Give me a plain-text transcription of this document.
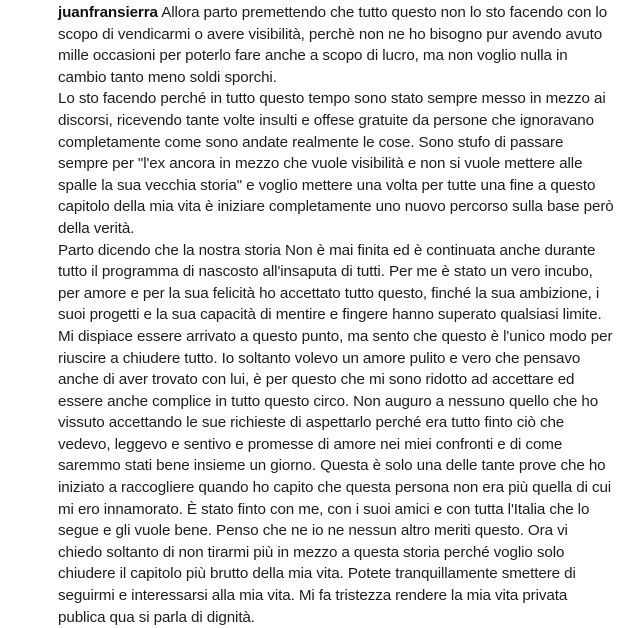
juanfransierra Allora parto premettendo che tutto questo non lo sto facendo con lo scopo di vendicarmi o avere visibilità, perchè non ne ho bisogno pur avendo avuto mille occasioni per poterlo fare anche a scopo di lucro, ma non voglio nulla in cambio tanto meno soldi sporchi.

Lo sto facendo perché in tutto questo tempo sono stato sempre messo in mezzo ai discorsi, ricevendo tante volte insulti e offese gratuite da persone che ignoravano completamente come sono andate realmente le cose. Sono stufo di passare sempre per "l'ex ancora in mezzo che vuole visibilità e non si vuole mettere alle spalle la sua vecchia storia" e voglio mettere una volta per tutte una fine a questo capitolo della mia vita è iniziare completamente uno nuovo percorso sulla base però della verità.

Parto dicendo che la nostra storia Non è mai finita ed è continuata anche durante tutto il programma di nascosto all'insaputa di tutti. Per me è stato un vero incubo, per amore e per la sua felicità ho accettato tutto questo, finché la sua ambizione, i suoi progetti e la sua capacità di mentire e fingere hanno superato qualsiasi limite.

Mi dispiace essere arrivato a questo punto, ma sento che questo è l'unico modo per riuscire a chiudere tutto. Io soltanto volevo un amore pulito e vero che pensavo anche di aver trovato con lui, è per questo che mi sono ridotto ad accettare ed essere anche complice in tutto questo circo. Non auguro a nessuno quello che ho vissuto accettando le sue richieste di aspettarlo perché era tutto finto ciò che vedevo, leggevo e sentivo e promesse di amore nei miei confronti e di come saremmo stati bene insieme un giorno. Questa è solo una delle tante prove che ho iniziato a raccogliere quando ho capito che questa persona non era più quella di cui mi ero innamorato. È stato finto con me, con i suoi amici e con tutta l'Italia che lo segue e gli vuole bene. Penso che ne io ne nessun altro meriti questo. Ora vi chiedo soltanto di non tirarmi più in mezzo a questa storia perché voglio solo chiudere il capitolo più brutto della mia vita. Potete tranquillamente smettere di seguirmi e interessarsi alla mia vita. Mi fa tristezza rendere la mia vita privata publica qua si parla di dignità.
